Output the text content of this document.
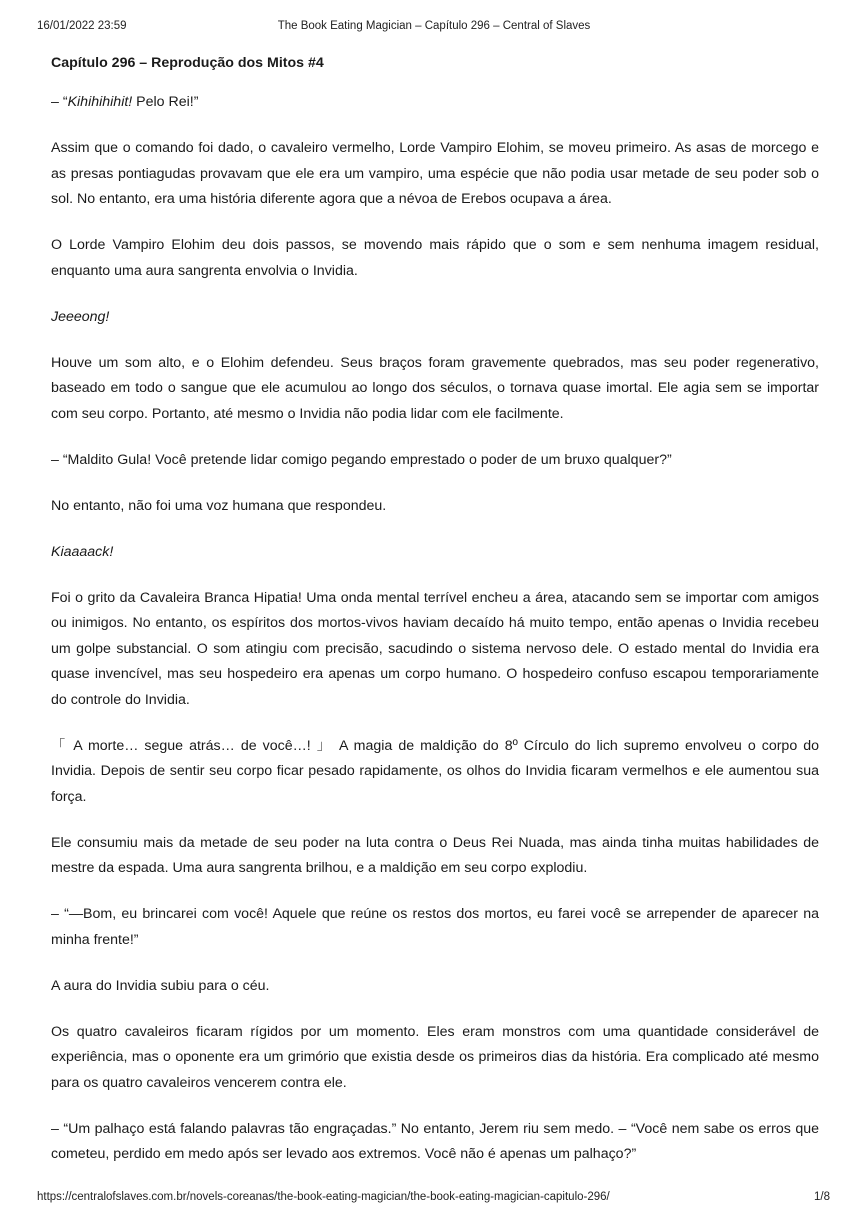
16/01/2022 23:59	The Book Eating Magician – Capítulo 296 – Central of Slaves
Capítulo 296 – Reprodução dos Mitos #4

– “Kihihihihit! Pelo Rei!”

Assim que o comando foi dado, o cavaleiro vermelho, Lorde Vampiro Elohim, se moveu primeiro. As asas de morcego e as presas pontiagudas provavam que ele era um vampiro, uma espécie que não podia usar metade de seu poder sob o sol. No entanto, era uma história diferente agora que a névoa de Erebos ocupava a área.

O Lorde Vampiro Elohim deu dois passos, se movendo mais rápido que o som e sem nenhuma imagem residual, enquanto uma aura sangrenta envolvia o Invidia.

Jeeeong!

Houve um som alto, e o Elohim defendeu. Seus braços foram gravemente quebrados, mas seu poder regenerativo, baseado em todo o sangue que ele acumulou ao longo dos séculos, o tornava quase imortal. Ele agia sem se importar com seu corpo. Portanto, até mesmo o Invidia não podia lidar com ele facilmente.

– “Maldito Gula! Você pretende lidar comigo pegando emprestado o poder de um bruxo qualquer?”

No entanto, não foi uma voz humana que respondeu.

Kiaaaack!

Foi o grito da Cavaleira Branca Hipatia! Uma onda mental terrível encheu a área, atacando sem se importar com amigos ou inimigos. No entanto, os espíritos dos mortos-vivos haviam decaído há muito tempo, então apenas o Invidia recebeu um golpe substancial. O som atingiu com precisão, sacudindo o sistema nervoso dele. O estado mental do Invidia era quase invencível, mas seu hospedeiro era apenas um corpo humano. O hospedeiro confuso escapou temporariamente do controle do Invidia.

「 A morte… segue atrás… de você…! 」 A magia de maldição do 8º Círculo do lich supremo envolveu o corpo do Invidia. Depois de sentir seu corpo ficar pesado rapidamente, os olhos do Invidia ficaram vermelhos e ele aumentou sua força.

Ele consumiu mais da metade de seu poder na luta contra o Deus Rei Nuada, mas ainda tinha muitas habilidades de mestre da espada. Uma aura sangrenta brilhou, e a maldição em seu corpo explodiu.

– “—Bom, eu brincarei com você! Aquele que reúne os restos dos mortos, eu farei você se arrepender de aparecer na minha frente!”

A aura do Invidia subiu para o céu.

Os quatro cavaleiros ficaram rígidos por um momento. Eles eram monstros com uma quantidade considerável de experiência, mas o oponente era um grimório que existia desde os primeiros dias da história. Era complicado até mesmo para os quatro cavaleiros vencerem contra ele.

– “Um palhaço está falando palavras tão engraçadas.” No entanto, Jerem riu sem medo. – “Você nem sabe os erros que cometeu, perdido em medo após ser levado aos extremos. Você não é apenas um palhaço?”

https://centralofslaves.com.br/novels-coreanas/the-book-eating-magician/the-book-eating-magician-capitulo-296/	1/8
